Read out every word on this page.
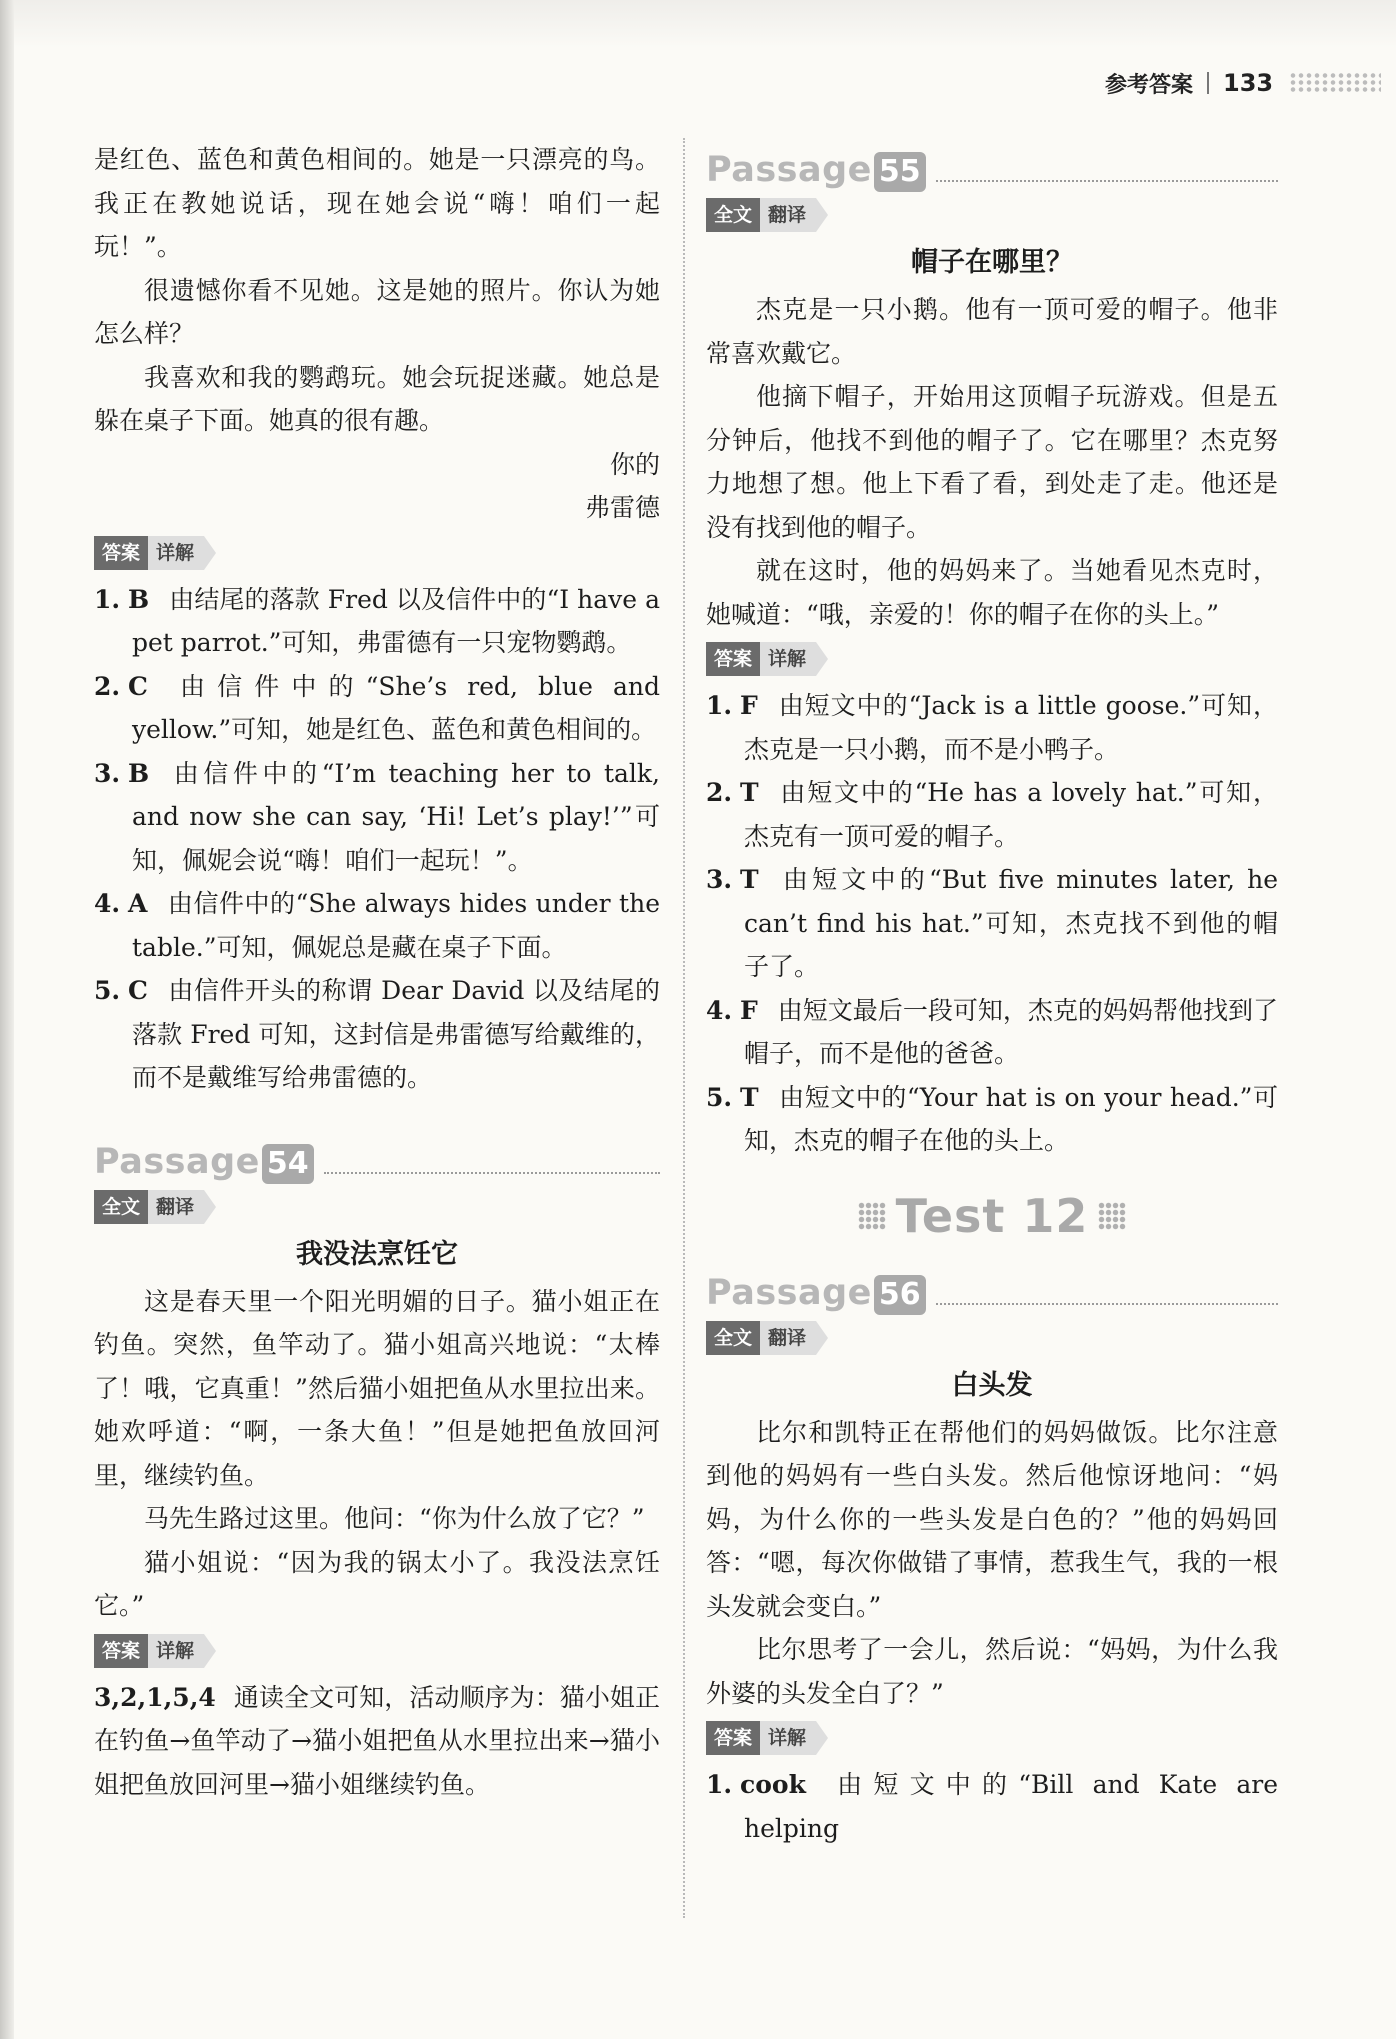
参考答案 133

是红色、蓝色和黄色相间的。她是一只漂亮的鸟。我正在教她说话，现在她会说“嗨！咱们一起玩！”。

很遗憾你看不见她。这是她的照片。你认为她怎么样？

我喜欢和我的鹦鹉玩。她会玩捉迷藏。她总是躲在桌子下面。她真的很有趣。

你的

弗雷德

答案 详解

1. B 由结尾的落款 Fred 以及信件中的“I have a pet parrot.”可知，弗雷德有一只宠物鹦鹉。

2. C 由信件中的“She’s red, blue and yellow.”可知，她是红色、蓝色和黄色相间的。

3. B 由信件中的“I’m teaching her to talk, and now she can say, ‘Hi! Let’s play!’”可知，佩妮会说“嗨！咱们一起玩！”。

4. A 由信件中的“She always hides under the table.”可知，佩妮总是藏在桌子下面。

5. C 由信件开头的称谓 Dear David 以及结尾的落款 Fred 可知，这封信是弗雷德写给戴维的，而不是戴维写给弗雷德的。

Passage 54
全文 翻译
我没法烹饪它

这是春天里一个阳光明媚的日子。猫小姐正在钓鱼。突然，鱼竿动了。猫小姐高兴地说：“太棒了！哦，它真重！”然后猫小姐把鱼从水里拉出来。她欢呼道：“啊，一条大鱼！”但是她把鱼放回河里，继续钓鱼。

马先生路过这里。他问：“你为什么放了它？”

猫小姐说：“因为我的锅太小了。我没法烹饪它。”

答案 详解

3,2,1,5,4 通读全文可知，活动顺序为：猫小姐正在钓鱼→鱼竿动了→猫小姐把鱼从水里拉出来→猫小姐把鱼放回河里→猫小姐继续钓鱼。

Passage 55
全文 翻译
帽子在哪里？

杰克是一只小鹅。他有一顶可爱的帽子。他非常喜欢戴它。

他摘下帽子，开始用这顶帽子玩游戏。但是五分钟后，他找不到他的帽子了。它在哪里？杰克努力地想了想。他上下看了看，到处走了走。他还是没有找到他的帽子。

就在这时，他的妈妈来了。当她看见杰克时，她喊道：“哦，亲爱的！你的帽子在你的头上。”

答案 详解

1. F 由短文中的“Jack is a little goose.”可知，杰克是一只小鹅，而不是小鸭子。

2. T 由短文中的“He has a lovely hat.”可知，杰克有一顶可爱的帽子。

3. T 由短文中的“But five minutes later, he can’t find his hat.”可知，杰克找不到他的帽子了。

4. F 由短文最后一段可知，杰克的妈妈帮他找到了帽子，而不是他的爸爸。

5. T 由短文中的“Your hat is on your head.”可知，杰克的帽子在他的头上。

Test 12
Passage 56
全文 翻译
白头发

比尔和凯特正在帮他们的妈妈做饭。比尔注意到他的妈妈有一些白头发。然后他惊讶地问：“妈妈，为什么你的一些头发是白色的？”他的妈妈回答：“嗯，每次你做错了事情，惹我生气，我的一根头发就会变白。”

比尔思考了一会儿，然后说：“妈妈，为什么我外婆的头发全白了？”

答案 详解

1. cook 由短文中的“Bill and Kate are helping
